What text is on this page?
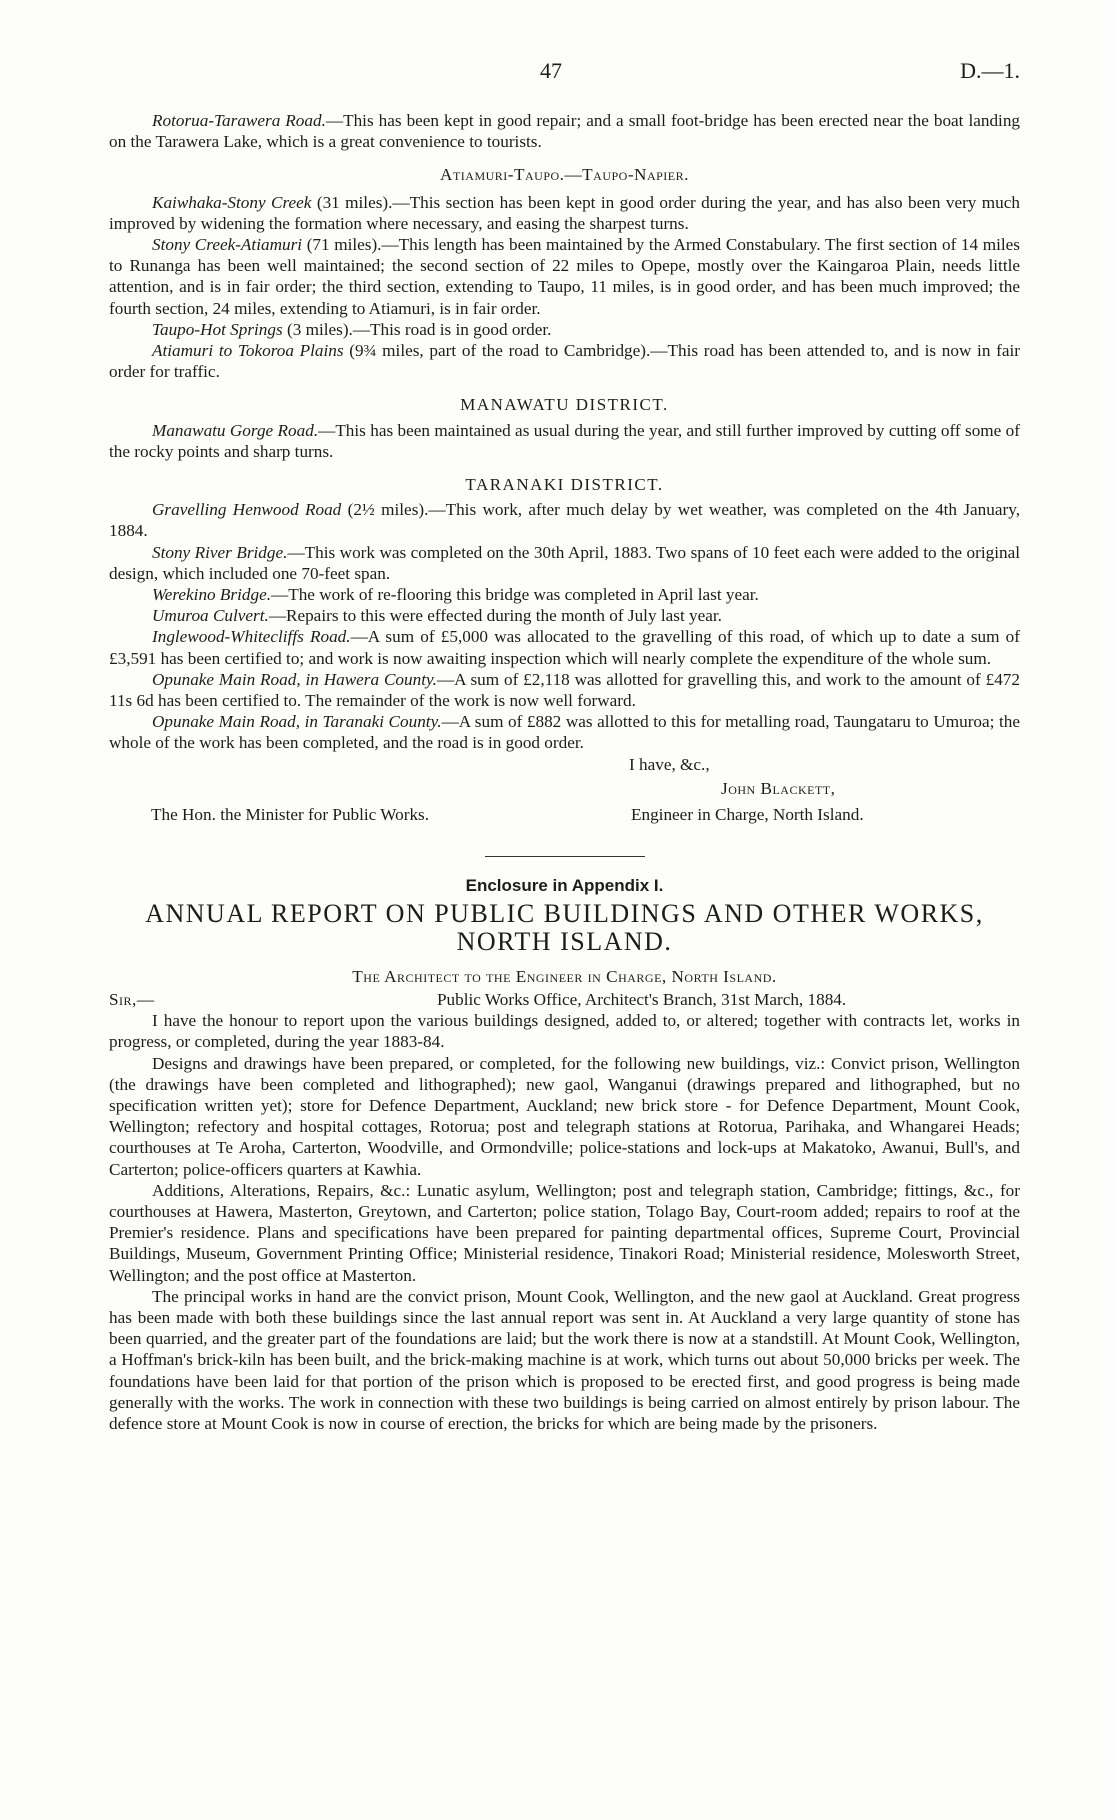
47	D.—1.

Rotorua-Tarawera Road.—This has been kept in good repair; and a small foot-bridge has been erected near the boat landing on the Tarawera Lake, which is a great convenience to tourists.

Atiamuri-Taupo.—Taupo-Napier.

Kaiwhaka-Stony Creek (31 miles).—This section has been kept in good order during the year, and has also been very much improved by widening the formation where necessary, and easing the sharpest turns.

Stony Creek-Atiamuri (71 miles).—This length has been maintained by the Armed Constabulary. The first section of 14 miles to Runanga has been well maintained; the second section of 22 miles to Opepe, mostly over the Kaingaroa Plain, needs little attention, and is in fair order; the third section, extending to Taupo, 11 miles, is in good order, and has been much improved; the fourth section, 24 miles, extending to Atiamuri, is in fair order.

Taupo-Hot Springs (3 miles).—This road is in good order.

Atiamuri to Tokoroa Plains (9¾ miles, part of the road to Cambridge).—This road has been attended to, and is now in fair order for traffic.

MANAWATU DISTRICT.

Manawatu Gorge Road.—This has been maintained as usual during the year, and still further improved by cutting off some of the rocky points and sharp turns.

TARANAKI DISTRICT.

Gravelling Henwood Road (2½ miles).—This work, after much delay by wet weather, was completed on the 4th January, 1884.

Stony River Bridge.—This work was completed on the 30th April, 1883. Two spans of 10 feet each were added to the original design, which included one 70-feet span.

Werekino Bridge.—The work of re-flooring this bridge was completed in April last year.

Umuroa Culvert.—Repairs to this were effected during the month of July last year.

Inglewood-Whitecliffs Road.—A sum of £5,000 was allocated to the gravelling of this road, of which up to date a sum of £3,591 has been certified to; and work is now awaiting inspection which will nearly complete the expenditure of the whole sum.

Opunake Main Road, in Hawera County.—A sum of £2,118 was allotted for gravelling this, and work to the amount of £472 11s 6d has been certified to. The remainder of the work is now well forward.

Opunake Main Road, in Taranaki County.—A sum of £882 was allotted to this for metalling road, Taungataru to Umuroa; the whole of the work has been completed, and the road is in good order.

I have, &c.,
John Blackett,
The Hon. the Minister for Public Works.	Engineer in Charge, North Island.

Enclosure in Appendix I.

ANNUAL REPORT ON PUBLIC BUILDINGS AND OTHER WORKS, NORTH ISLAND.

The Architect to the Engineer in Charge, North Island.

Sir,—	Public Works Office, Architect's Branch, 31st March, 1884.

I have the honour to report upon the various buildings designed, added to, or altered; together with contracts let, works in progress, or completed, during the year 1883-84.

Designs and drawings have been prepared, or completed, for the following new buildings, viz.: Convict prison, Wellington (the drawings have been completed and lithographed); new gaol, Wanganui (drawings prepared and lithographed, but no specification written yet); store for Defence Department, Auckland; new brick store - for Defence Department, Mount Cook, Wellington; refectory and hospital cottages, Rotorua; post and telegraph stations at Rotorua, Parihaka, and Whangarei Heads; courthouses at Te Aroha, Carterton, Woodville, and Ormondville; police-stations and lock-ups at Makatoko, Awanui, Bull's, and Carterton; police-officers quarters at Kawhia.

Additions, Alterations, Repairs, &c.: Lunatic asylum, Wellington; post and telegraph station, Cambridge; fittings, &c., for courthouses at Hawera, Masterton, Greytown, and Carterton; police station, Tolago Bay, Court-room added; repairs to roof at the Premier's residence. Plans and specifications have been prepared for painting departmental offices, Supreme Court, Provincial Buildings, Museum, Government Printing Office; Ministerial residence, Tinakori Road; Ministerial residence, Molesworth Street, Wellington; and the post office at Masterton.

The principal works in hand are the convict prison, Mount Cook, Wellington, and the new gaol at Auckland. Great progress has been made with both these buildings since the last annual report was sent in. At Auckland a very large quantity of stone has been quarried, and the greater part of the foundations are laid; but the work there is now at a standstill. At Mount Cook, Wellington, a Hoffman's brick-kiln has been built, and the brick-making machine is at work, which turns out about 50,000 bricks per week. The foundations have been laid for that portion of the prison which is proposed to be erected first, and good progress is being made generally with the works. The work in connection with these two buildings is being carried on almost entirely by prison labour. The defence store at Mount Cook is now in course of erection, the bricks for which are being made by the prisoners.
